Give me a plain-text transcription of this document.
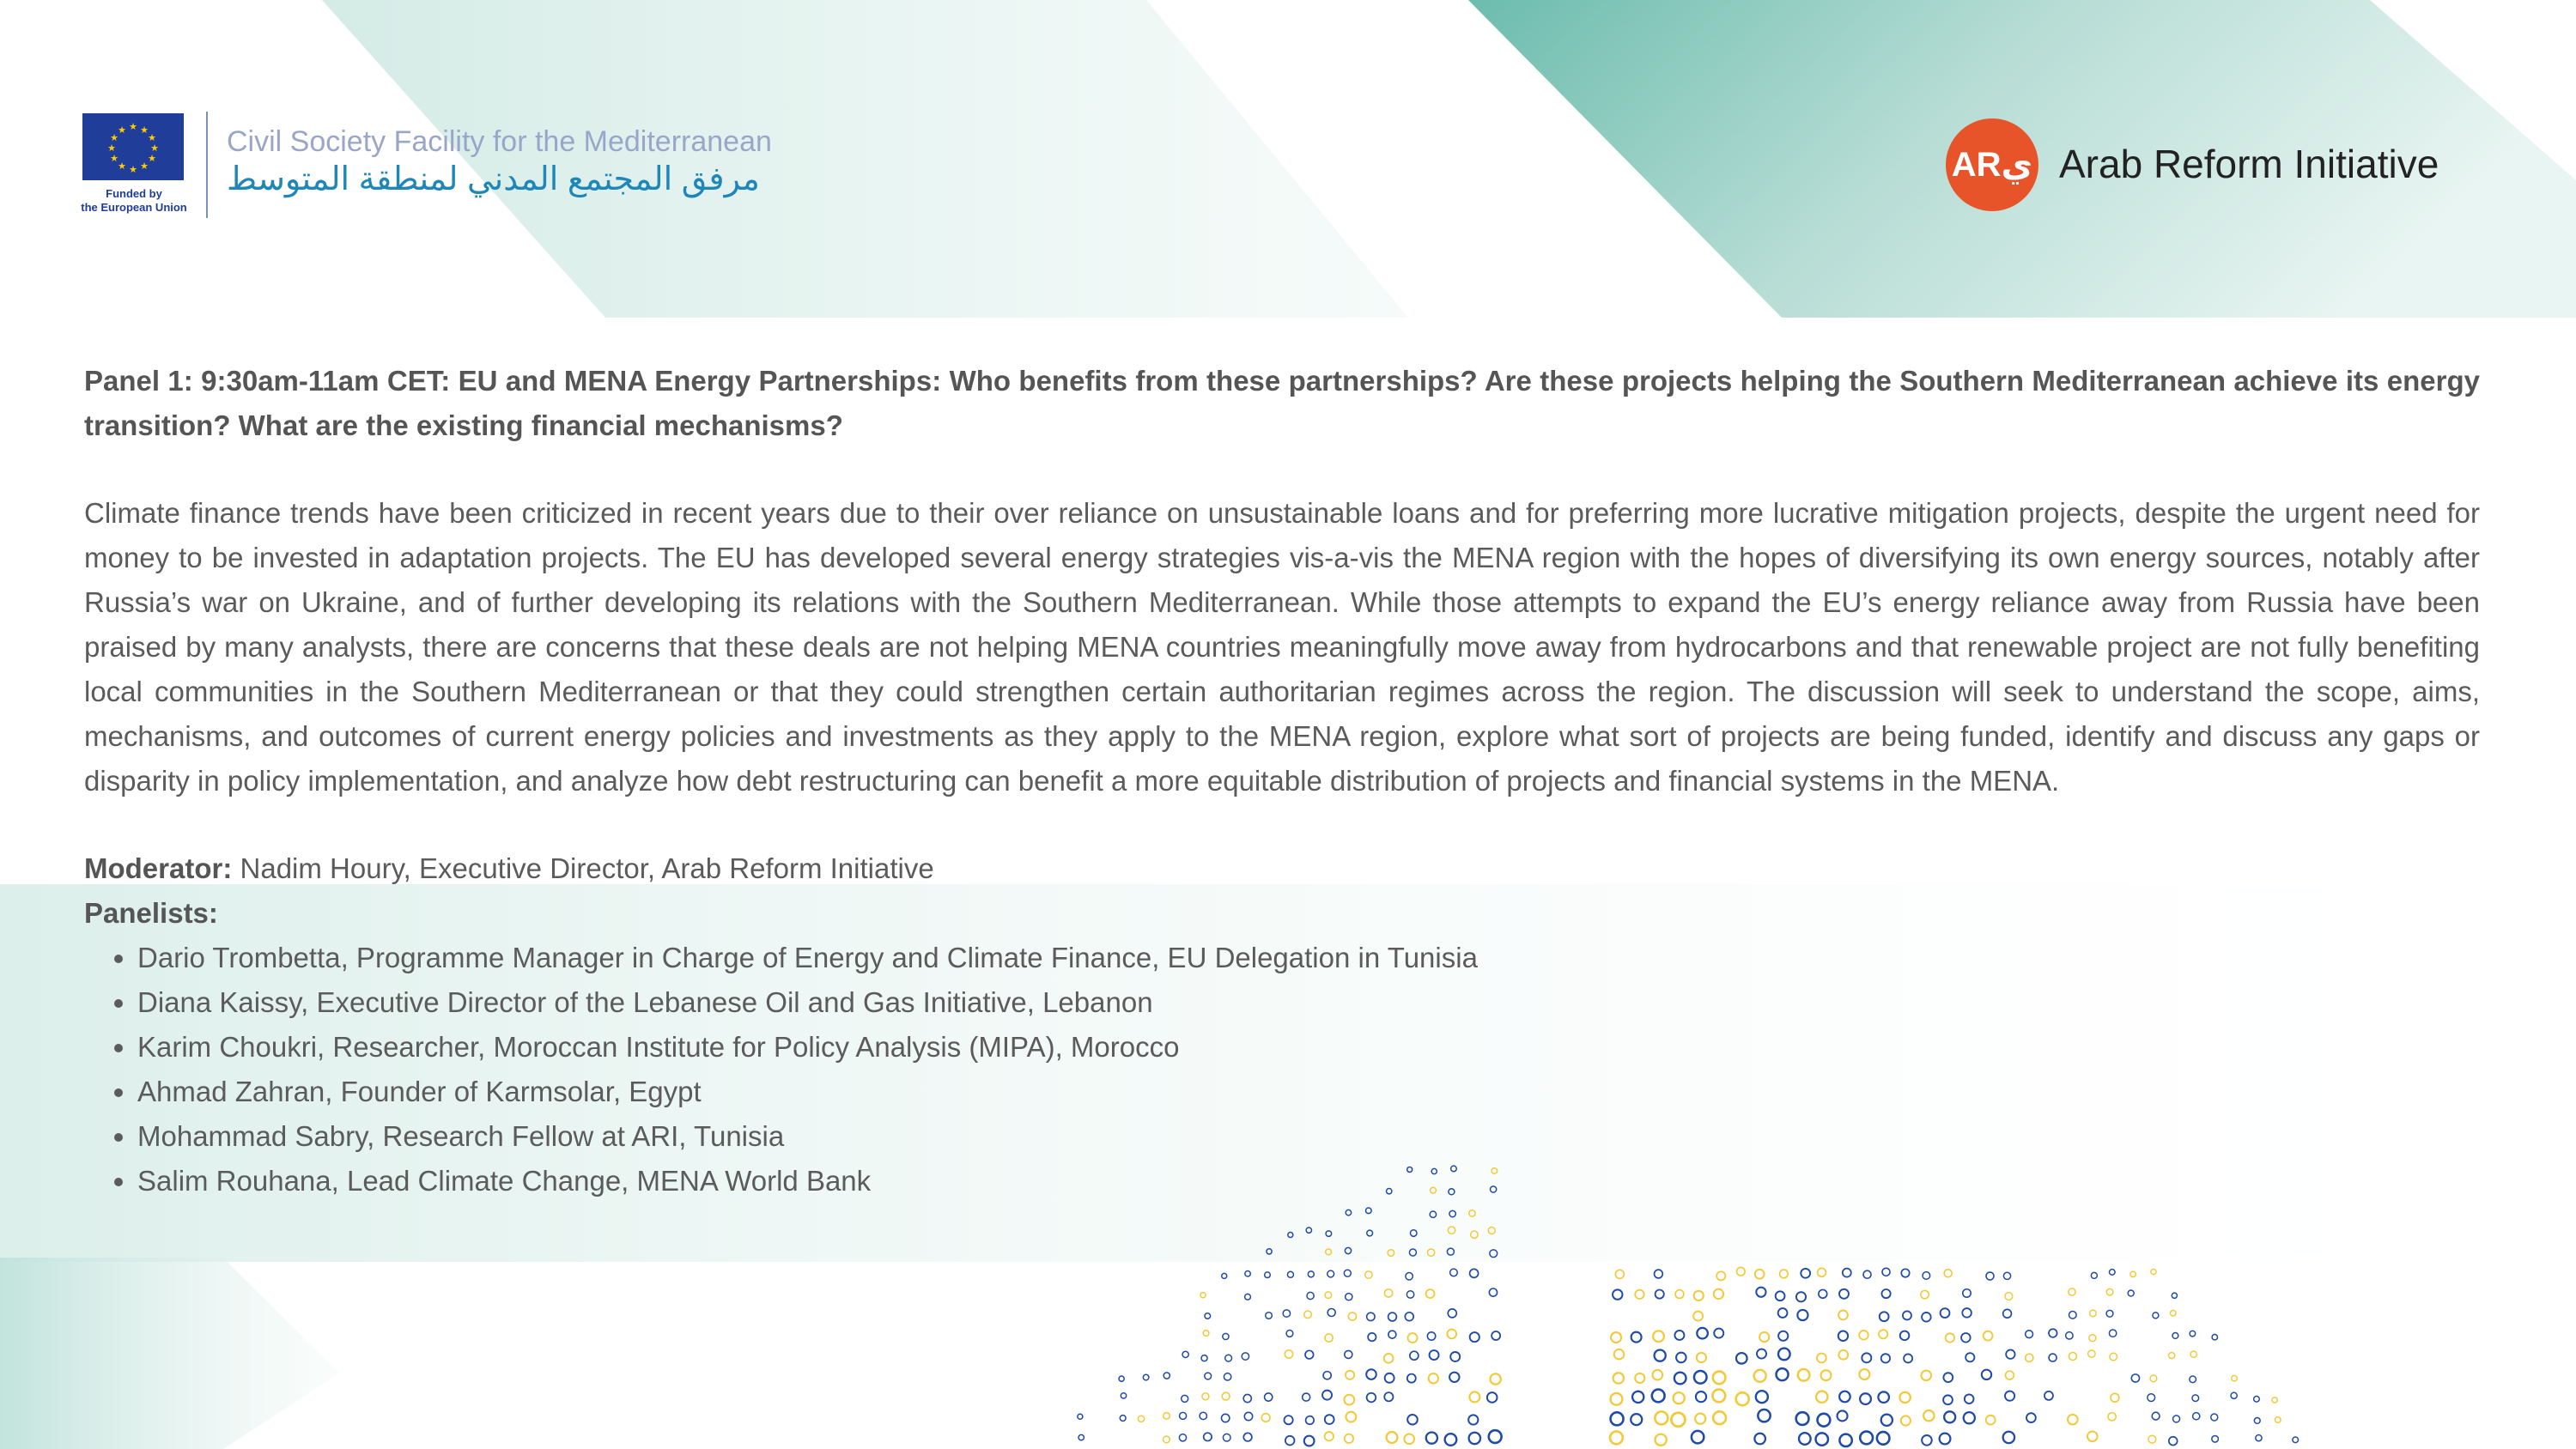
★ ★
★
★
★
★
★
★
★
★
★
★
Funded by
the European Union
Civil Society Facility for the Mediterranean
مرفق المجتمع المدني لمنطقة المتوسط	ARي Arab Reform Initiative

Panel 1: 9:30am-11am CET: EU and MENA Energy Partnerships: Who benefits from these partnerships? Are these projects helping the Southern Mediterranean achieve its energy transition? What are the existing financial mechanisms?

Climate finance trends have been criticized in recent years due to their over reliance on unsustainable loans and for preferring more lucrative mitigation projects, despite the urgent need for money to be invested in adaptation projects. The EU has developed several energy strategies vis-a-vis the MENA region with the hopes of diversifying its own energy sources, notably after Russia’s war on Ukraine, and of further developing its relations with the Southern Mediterranean. While those attempts to expand the EU’s energy reliance away from Russia have been praised by many analysts, there are concerns that these deals are not helping MENA countries meaningfully move away from hydrocarbons and that renewable project are not fully benefiting local communities in the Southern Mediterranean or that they could strengthen certain authoritarian regimes across the region. The discussion will seek to understand the scope, aims, mechanisms, and outcomes of current energy policies and investments as they apply to the MENA region, explore what sort of projects are being funded, identify and discuss any gaps or disparity in policy implementation, and analyze how debt restructuring can benefit a more equitable distribution of projects and financial systems in the MENA.

Moderator: Nadim Houry, Executive Director, Arab Reform Initiative
Panelists:
• Dario Trombetta, Programme Manager in Charge of Energy and Climate Finance, EU Delegation in Tunisia
• Diana Kaissy, Executive Director of the Lebanese Oil and Gas Initiative, Lebanon
• Karim Choukri, Researcher, Moroccan Institute for Policy Analysis (MIPA), Morocco
• Ahmad Zahran, Founder of Karmsolar, Egypt
• Mohammad Sabry, Research Fellow at ARI, Tunisia
• Salim Rouhana, Lead Climate Change, MENA World Bank
